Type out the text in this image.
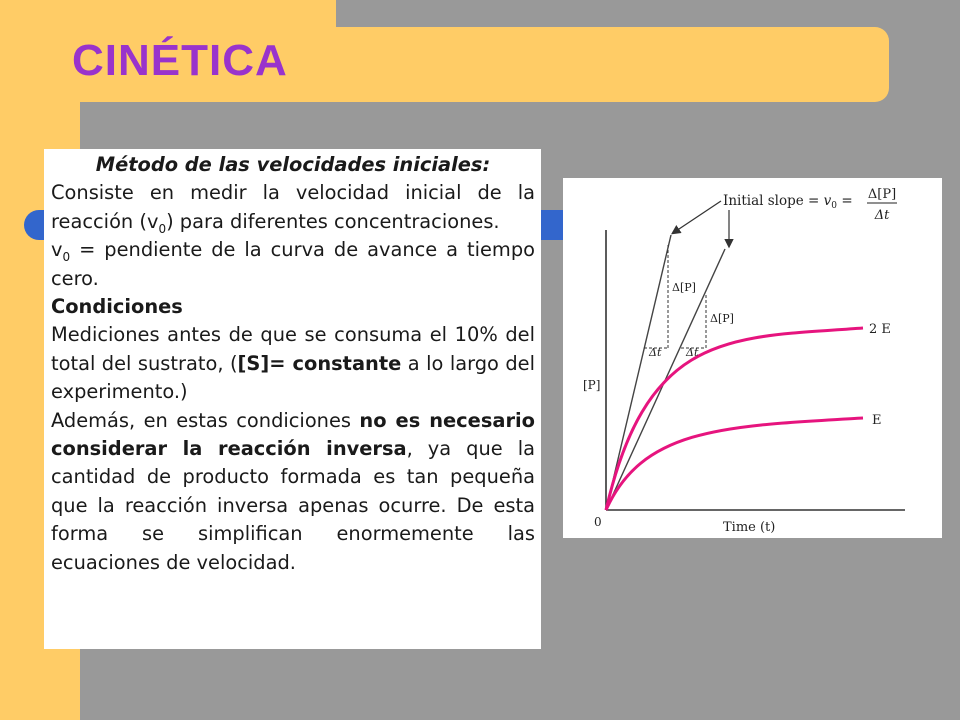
CINÉTICA

Método de las velocidades iniciales:

Consiste en medir la velocidad inicial de la reacción $(v_0)$ para diferentes concentraciones.

$v_0$ = pendiente de la curva de avance a tiempo cero.

Condiciones

Mediciones antes de que se consuma el 10% del total del sustrato, ([S]= constante a lo largo del experimento.)

Además, en estas condiciones no es necesario considerar la reacción inversa, ya que la cantidad de producto formada es tan pequeña que la reacción inversa apenas ocurre. De esta forma se simplifican enormemente las ecuaciones de velocidad.

Initial slope = $v_0 = \Delta[P]$
Δt
Δ[P]
Δ[P]
Δt Δt
[P]
Time (t)
0
2 E
E
